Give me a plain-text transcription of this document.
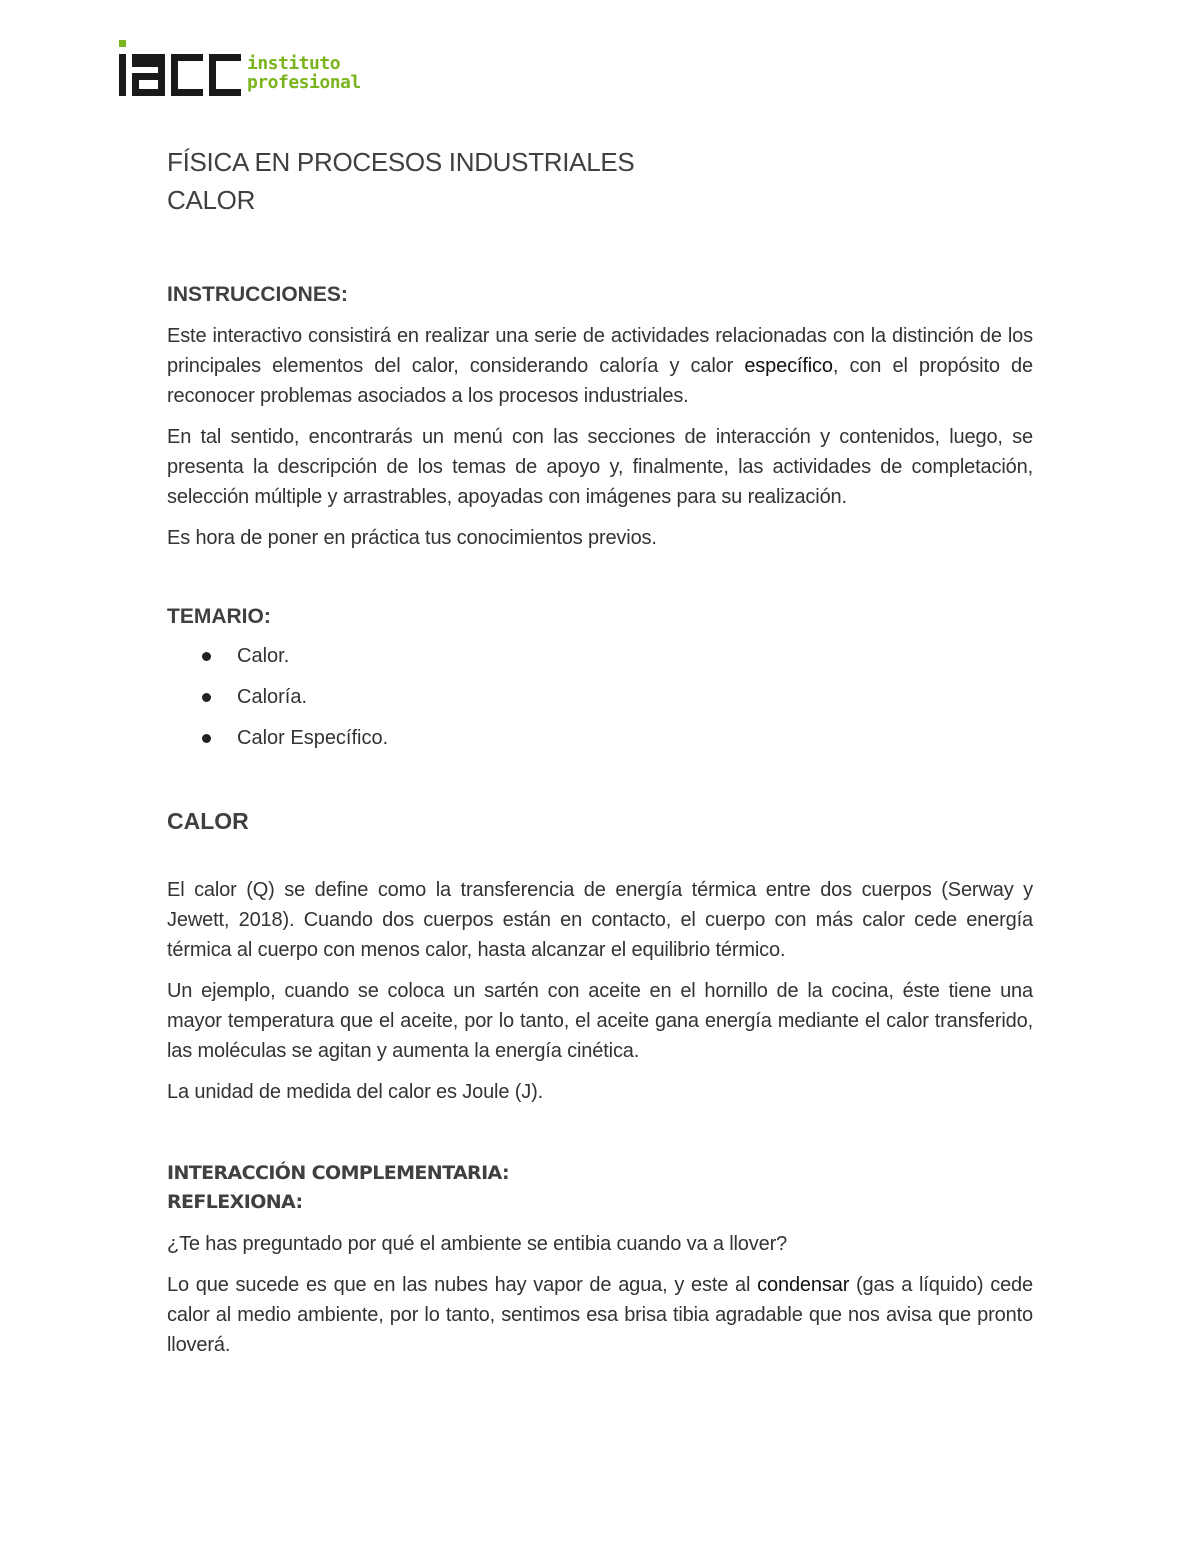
instituto
profesional
FÍSICA EN PROCESOS INDUSTRIALES
CALOR
INSTRUCCIONES:

Este interactivo consistirá en realizar una serie de actividades relacionadas con la distinción de los principales elementos del calor, considerando caloría y calor específico, con el propósito de reconocer problemas asociados a los procesos industriales.

En tal sentido, encontrarás un menú con las secciones de interacción y contenidos, luego, se presenta la descripción de los temas de apoyo y, finalmente, las actividades de completación, selección múltiple y arrastrables, apoyadas con imágenes para su realización.

Es hora de poner en práctica tus conocimientos previos.

TEMARIO:
Calor.
Caloría.
Calor Específico.
CALOR

El calor (Q) se define como la transferencia de energía térmica entre dos cuerpos (Serway y Jewett, 2018). Cuando dos cuerpos están en contacto, el cuerpo con más calor cede energía térmica al cuerpo con menos calor, hasta alcanzar el equilibrio térmico.

Un ejemplo, cuando se coloca un sartén con aceite en el hornillo de la cocina, éste tiene una mayor temperatura que el aceite, por lo tanto, el aceite gana energía mediante el calor transferido, las moléculas se agitan y aumenta la energía cinética.

La unidad de medida del calor es Joule (J).

INTERACCIÓN COMPLEMENTARIA:
REFLEXIONA:

¿Te has preguntado por qué el ambiente se entibia cuando va a llover?

Lo que sucede es que en las nubes hay vapor de agua, y este al condensar (gas a líquido) cede calor al medio ambiente, por lo tanto, sentimos esa brisa tibia agradable que nos avisa que pronto lloverá.
